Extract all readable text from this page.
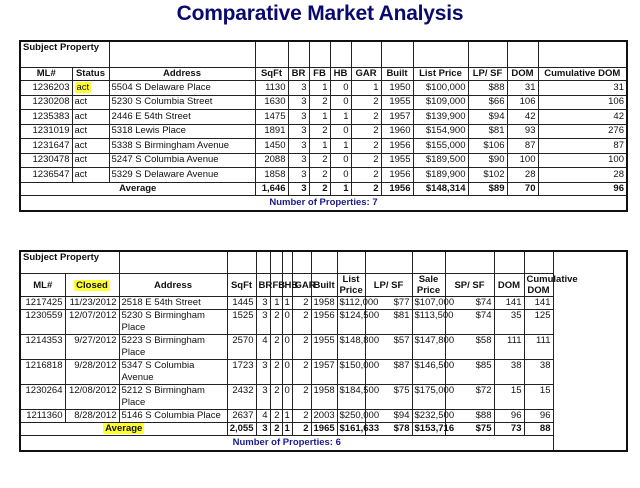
Comparative Market Analysis
Subject Property												
ML#	Status	Address	SqFt	BR	FB	HB	GAR	Built	List Price	LP/ SF	DOM	Cumulative DOM
1236203	act	5504 S Delaware Place	1130	3	1	0	1	1950	$100,000	$88	31	31
1230208	act	5230 S Columbia Street	1630	3	2	0	2	1955	$109,000	$66	106	106
1235383	act	2446 E 54th Street	1475	3	1	1	2	1957	$139,900	$94	42	42
1231019	act	5318 Lewis Place	1891	3	2	0	2	1960	$154,900	$81	93	276
1231647	act	5338 S Birmingham Avenue	1450	3	1	1	2	1956	$155,000	$106	87	87
1230478	act	5247 S Columbia Avenue	2088	3	2	0	2	1955	$189,500	$90	100	100
1236547	act	5329 S Delaware Avenue	1858	3	2	0	2	1956	$189,900	$102	28	28
Average			1,646	3	2	1	2	1956	$148,314	$89	70	96
Number of Properties: 7												
Subject Property														
ML#	Closed	Address	SqFt	BR	FB	HB	GAR	Built	List Price	LP/ SF	Sale Price	SP/ SF	DOM	Cumulative DOM
1217425	11/23/2012	2518 E 54th Street	1445	3	1	1	2	1958	$112,000	$77	$107,000	$74	141	141
1230559	12/07/2012	5230 S Birmingham Place	1525	3	2	0	2	1956	$124,500	$81	$113,500	$74	35	125
1214353	9/27/2012	5223 S Birmingham Place	2570	4	2	0	2	1955	$148,800	$57	$147,800	$58	111	111
1216818	9/28/2012	5347 S Columbia Avenue	1723	3	2	0	2	1957	$150,000	$87	$146,500	$85	38	38
1230264	12/08/2012	5212 S Birmingham Place	2432	3	2	0	2	1958	$184,500	$75	$175,000	$72	15	15
1211360	8/28/2012	5146 S Columbia Place	2637	4	2	1	2	2003	$250,000	$94	$232,500	$88	96	96
Average			2,055	3	2	1	2	1965	$161,633	$78	$153,716	$75	73	88
Number of Properties: 6														
